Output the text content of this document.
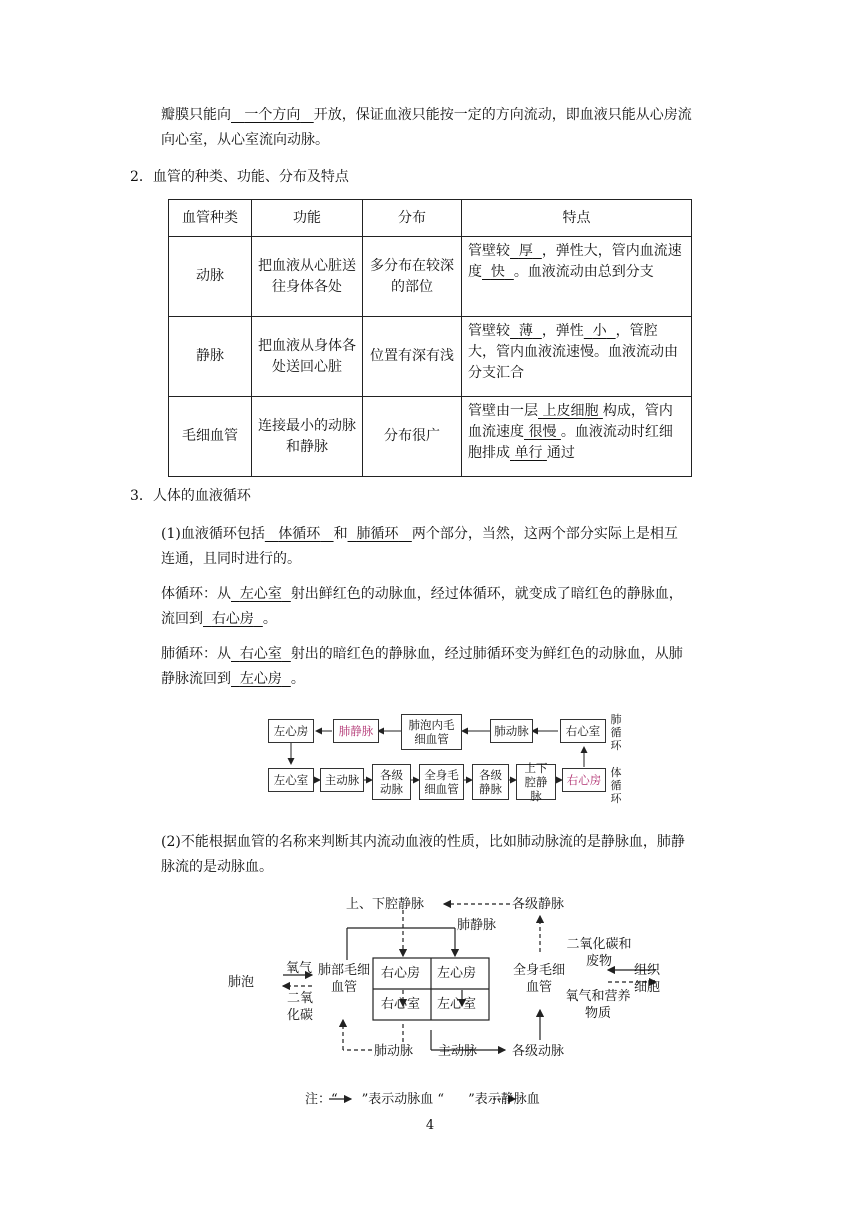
瓣膜只能向 一个方向 开放，保证血液只能按一定的方向流动，即血液只能从心房流
向心室，从心室流向动脉。

2．血管的种类、功能、分布及特点

血管种类	功能	分布	特点
动脉	把血液从心脏送往身体各处	多分布在较深的部位	管壁较 厚 ，弹性大，管内血流速度 快 。血液流动由总到分支
静脉	把血液从身体各处送回心脏	位置有深有浅	管壁较 薄 ，弹性 小 ，管腔大，管内血液流速慢。血液流动由分支汇合
毛细血管	连接最小的动脉和静脉	分布很广	管壁由一层 上皮细胞 构成，管内血流速度 很慢 。血液流动时红细胞排成 单行 通过

3．人体的血液循环

(1)血液循环包括 体循环 和 肺循环 两个部分，当然，这两个部分实际上是相互
连通，且同时进行的。

体循环：从 左心室 射出鲜红色的动脉血，经过体循环，就变成了暗红色的静脉血，
流回到 右心房 。

肺循环：从 右心室 射出的暗红色的静脉血，经过肺循环变为鲜红色的动脉血，从肺
静脉流回到 左心房 。

左心房	肺静脉	肺泡内毛细血管
肺动脉	右心室
肺循环
左心室	主动脉	各级动脉
全身毛细血管
各级静脉
上下腔静脉
右心房
体循环

(2)不能根据血管的名称来判断其内流动血液的性质，比如肺动脉流的是静脉血，肺静
脉流的是动脉血。

上、下腔静脉	各级静脉
肺静脉
肺泡
氧气
二氧化碳
肺部毛细血管
右心房 左心房
右心室 左心室
全身毛细血管
二氧化碳和废物
氧气和营养物质
组织细胞
肺动脉 主动脉	各级动脉
注：“ ”表示动脉血 “ ”表示静脉血
4
